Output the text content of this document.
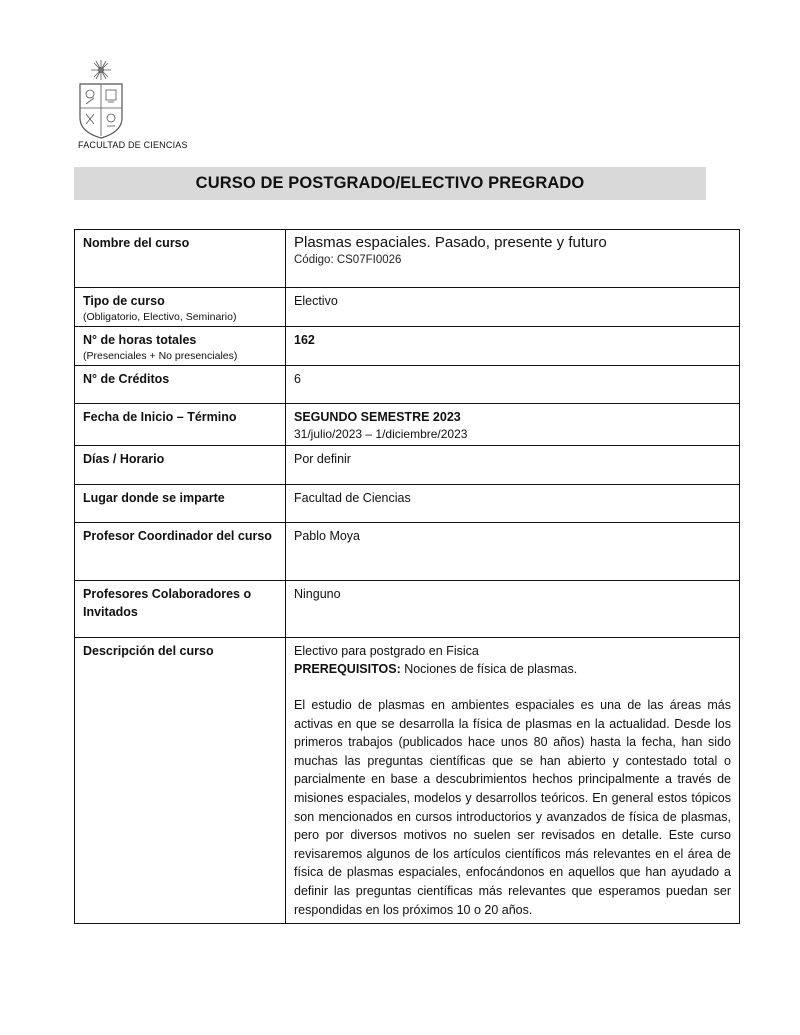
FACULTAD DE CIENCIAS
CURSO DE POSTGRADO/ELECTIVO PREGRADO
Nombre del curso	Plasmas espaciales. Pasado, presente y futuro
Código: CS07FI0026

Tipo de curso
(Obligatorio, Electivo, Seminario)	Electivo
N° de horas totales
(Presenciales + No presenciales)	162
N° de Créditos	6
Fecha de Inicio – Término	SEGUNDO SEMESTRE 2023
31/julio/2023 – 1/diciembre/2023

Días / Horario	Por definir
Lugar donde se imparte	Facultad de Ciencias
Profesor Coordinador del curso	Pablo Moya
Profesores Colaboradores o Invitados	Ninguno
Descripción del curso	Electivo para postgrado en Fisica
PREREQUISITOS: Nociones de física de plasmas.

El estudio de plasmas en ambientes espaciales es una de las áreas más activas en que se desarrolla la física de plasmas en la actualidad. Desde los primeros trabajos (publicados hace unos 80 años) hasta la fecha, han sido muchas las preguntas científicas que se han abierto y contestado total o parcialmente en base a descubrimientos hechos principalmente a través de misiones espaciales, modelos y desarrollos teóricos. En general estos tópicos son mencionados en cursos introductorios y avanzados de física de plasmas, pero por diversos motivos no suelen ser revisados en detalle. Este curso revisaremos algunos de los artículos científicos más relevantes en el área de física de plasmas espaciales, enfocándonos en aquellos que han ayudado a definir las preguntas científicas más relevantes que esperamos puedan ser respondidas en los próximos 10 o 20 años.
